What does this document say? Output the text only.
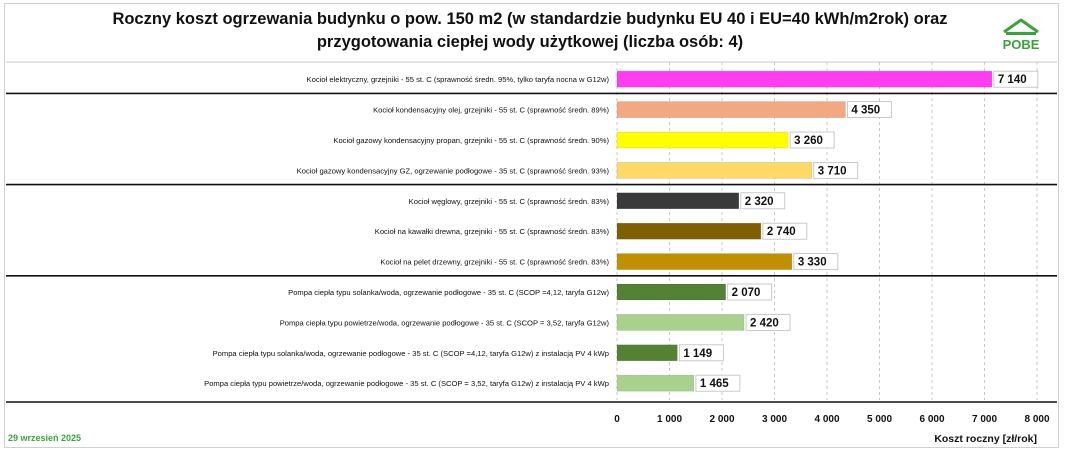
Roczny koszt ogrzewania budynku o pow. 150 m2 (w standardzie budynku EU 40 i EU=40 kWh/m2rok) oraz
przygotowania ciepłej wody użytkowej (liczba osób: 4)	POBE
Kocioł elektryczny, grzejniki - 55 st. C (sprawność średn. 95%, tylko taryfa nocna w G12w)
Kocioł kondensacyjny olej, grzejniki - 55 st. C (sprawność średn. 89%)
Kocioł gazowy kondensacyjny propan, grzejniki - 55 st. C (sprawność średn. 90%)
Kocioł gazowy kondensacyjny GZ, ogrzewanie podłogowe - 35 st. C (sprawność średn. 93%)
Kocioł węglowy, grzejniki - 55 st. C (sprawność średn. 83%)
Kocioł na kawałki drewna, grzejniki - 55 st. C (sprawność średn. 83%)
Kocioł na pelet drzewny, grzejniki - 55 st. C (sprawność średn. 83%)
Pompa ciepła typu solanka/woda, ogrzewanie podłogowe - 35 st. C (SCOP =4,12, taryfa G12w)
Pompa ciepła typu powietrze/woda, ogrzewanie podłogowe - 35 st. C (SCOP = 3,52, taryfa G12w)
Pompa ciepła typu solanka/woda, ogrzewanie podłogowe - 35 st. C (SCOP =4,12, taryfa G12w) z instalacją PV 4 kWp
Pompa ciepła typu powietrze/woda, ogrzewanie podłogowe - 35 st. C (SCOP = 3,52, taryfa G12w) z instalacją PV 4 kWp
7 140
4 350
3 260
3 710
2 320
2 740
3 330
2 070
2 420
1 149
1 465
0	1 000	2 000	3 000	4 000	5 000	6 000	7 000	8 000
Koszt roczny [zł/rok]
29 wrzesień 2025
